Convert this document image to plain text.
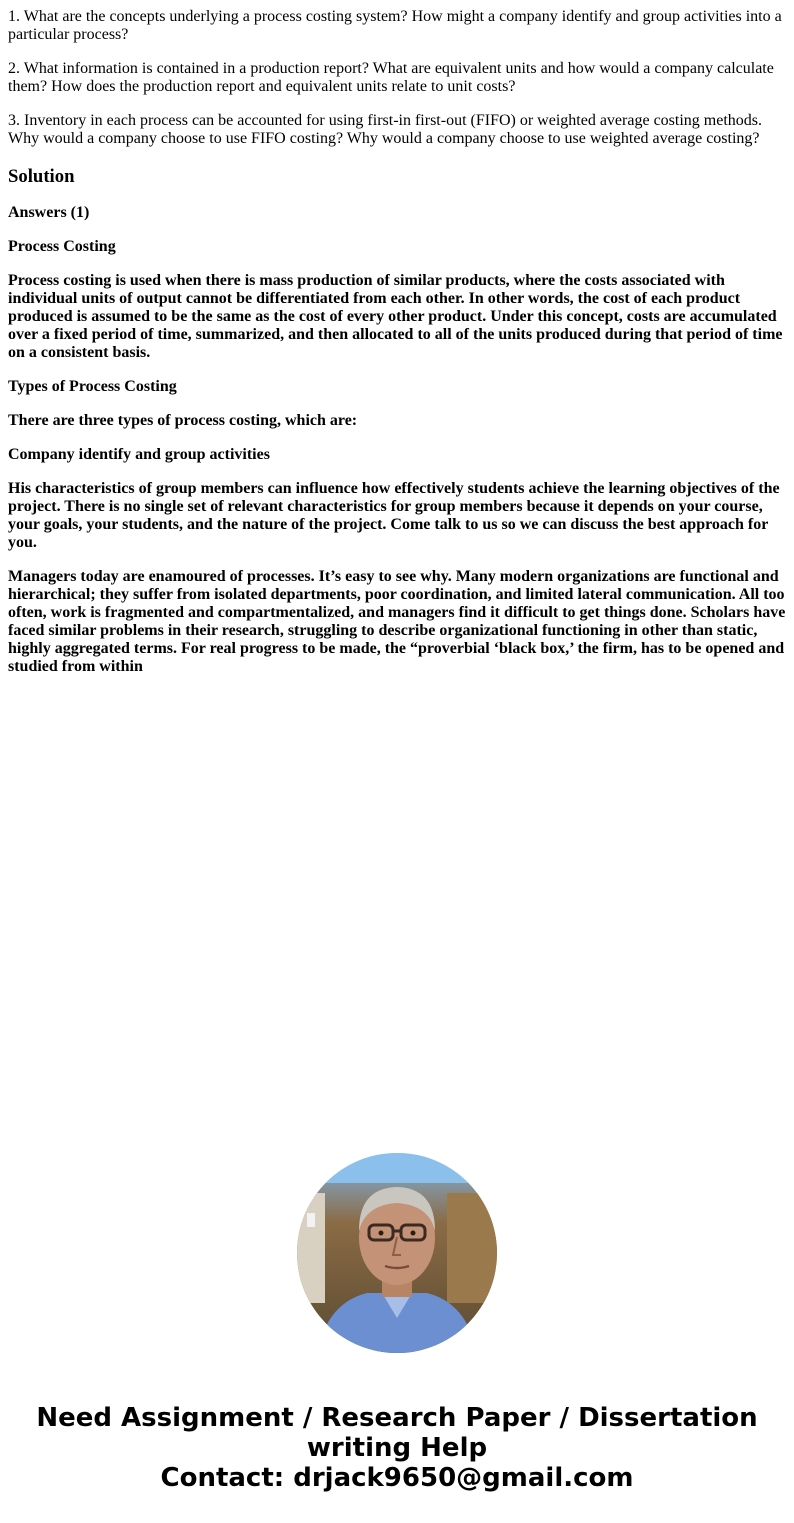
1. What are the concepts underlying a process costing system? How might a company identify and group activities into a particular process?

2. What information is contained in a production report? What are equivalent units and how would a company calculate them? How does the production report and equivalent units relate to unit costs?

3. Inventory in each process can be accounted for using first-in first-out (FIFO) or weighted average costing methods. Why would a company choose to use FIFO costing? Why would a company choose to use weighted average costing?

Solution

Answers (1)

Process Costing

Process costing is used when there is mass production of similar products, where the costs associated with individual units of output cannot be differentiated from each other. In other words, the cost of each product produced is assumed to be the same as the cost of every other product. Under this concept, costs are accumulated over a fixed period of time, summarized, and then allocated to all of the units produced during that period of time on a consistent basis.

Types of Process Costing

There are three types of process costing, which are:

Company identify and group activities

His characteristics of group members can influence how effectively students achieve the learning objectives of the project. There is no single set of relevant characteristics for group members because it depends on your course, your goals, your students, and the nature of the project. Come talk to us so we can discuss the best approach for you.

Managers today are enamoured of processes. It’s easy to see why. Many modern organizations are functional and hierarchical; they suffer from isolated departments, poor coordination, and limited lateral communication. All too often, work is fragmented and compartmentalized, and managers find it difficult to get things done. Scholars have faced similar problems in their research, struggling to describe organizational functioning in other than static, highly aggregated terms. For real progress to be made, the “proverbial ‘black box,’ the firm, has to be opened and studied from within

Need Assignment / Research Paper / Dissertation
writing Help
Contact: drjack9650@gmail.com
